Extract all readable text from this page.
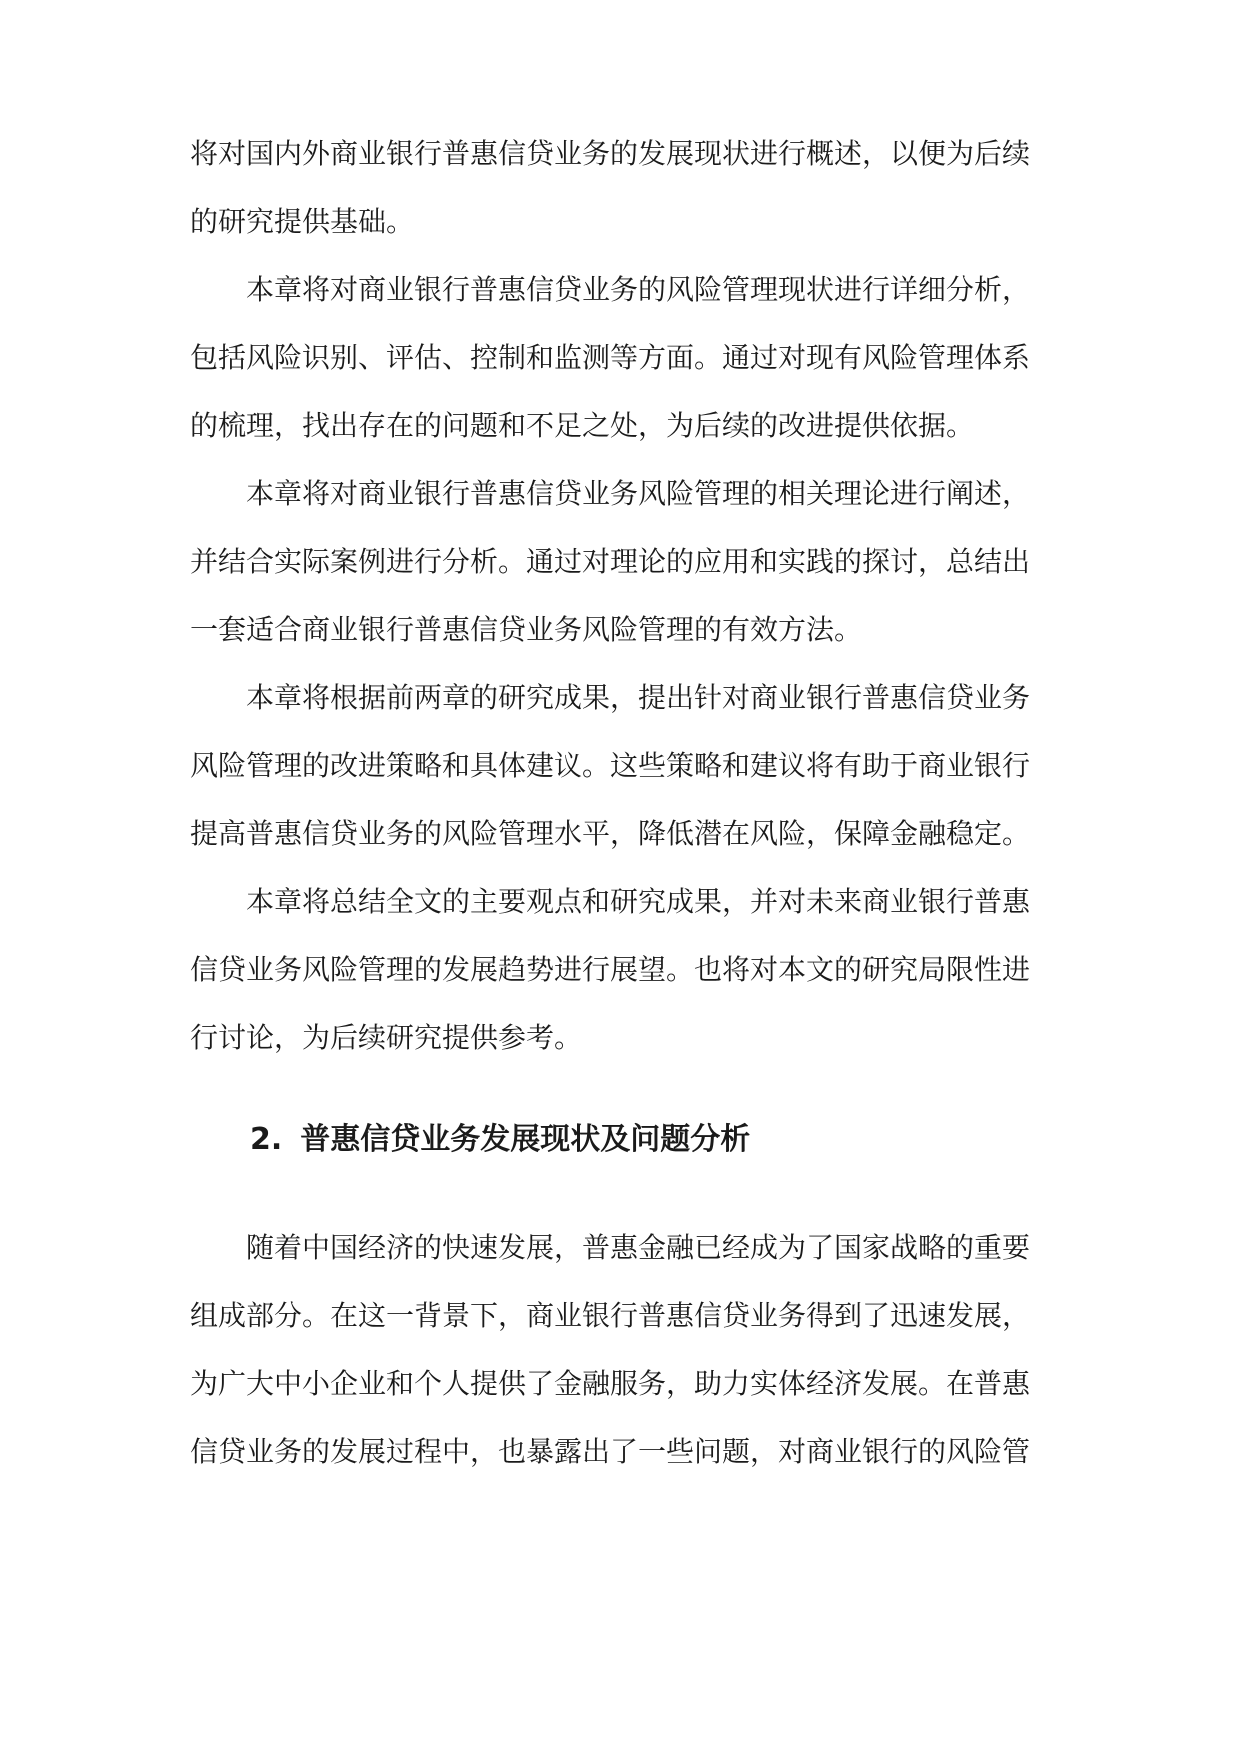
将对国内外商业银行普惠信贷业务的发展现状进行概述，以便为后续
的研究提供基础。
本章将对商业银行普惠信贷业务的风险管理现状进行详细分析，
包括风险识别、评估、控制和监测等方面。通过对现有风险管理体系
的梳理，找出存在的问题和不足之处，为后续的改进提供依据。
本章将对商业银行普惠信贷业务风险管理的相关理论进行阐述，
并结合实际案例进行分析。通过对理论的应用和实践的探讨，总结出
一套适合商业银行普惠信贷业务风险管理的有效方法。
本章将根据前两章的研究成果，提出针对商业银行普惠信贷业务
风险管理的改进策略和具体建议。这些策略和建议将有助于商业银行
提高普惠信贷业务的风险管理水平，降低潜在风险，保障金融稳定。
本章将总结全文的主要观点和研究成果，并对未来商业银行普惠
信贷业务风险管理的发展趋势进行展望。也将对本文的研究局限性进
行讨论，为后续研究提供参考。
2. 普惠信贷业务发展现状及问题分析
随着中国经济的快速发展，普惠金融已经成为了国家战略的重要
组成部分。在这一背景下，商业银行普惠信贷业务得到了迅速发展，
为广大中小企业和个人提供了金融服务，助力实体经济发展。在普惠
信贷业务的发展过程中，也暴露出了一些问题，对商业银行的风险管
